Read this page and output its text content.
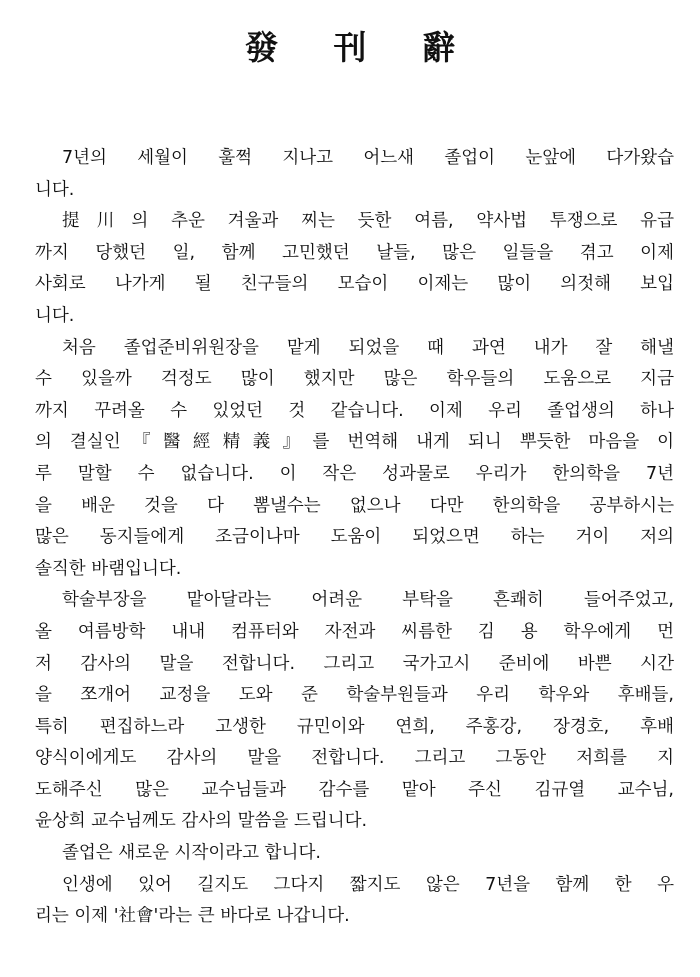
發 刊 辭

7년의 세월이 훌쩍 지나고 어느새 졸업이 눈앞에 다가왔습
니다.

提川의 추운 겨울과 찌는 듯한 여름, 약사법 투쟁으로 유급
까지 당했던 일, 함께 고민했던 날들, 많은 일들을 겪고 이제
사회로 나가게 될 친구들의 모습이 이제는 많이 의젓해 보입
니다.

처음 졸업준비위원장을 맡게 되었을 때 과연 내가 잘 해낼
수 있을까 걱정도 많이 했지만 많은 학우들의 도움으로 지금
까지 꾸려올 수 있었던 것 같습니다. 이제 우리 졸업생의 하나
의 결실인『醫經精義』를 번역해 내게 되니 뿌듯한 마음을 이
루 말할 수 없습니다. 이 작은 성과물로 우리가 한의학을 7년
을 배운 것을 다 뽐낼수는 없으나 다만 한의학을 공부하시는
많은 동지들에게 조금이나마 도움이 되었으면 하는 거이 저의
솔직한 바램입니다.

학술부장을 맡아달라는 어려운 부탁을 흔쾌히 들어주었고,
올 여름방학 내내 컴퓨터와 자전과 씨름한 김 용 학우에게 먼
저 감사의 말을 전합니다. 그리고 국가고시 준비에 바쁜 시간
을 쪼개어 교정을 도와 준 학술부원들과 우리 학우와 후배들,
특히 편집하느라 고생한 규민이와 연희, 주홍강, 장경호, 후배
양식이에게도 감사의 말을 전합니다. 그리고 그동안 저희를 지
도해주신 많은 교수님들과 감수를 맡아 주신 김규열 교수님,
윤상희 교수님께도 감사의 말씀을 드립니다.

졸업은 새로운 시작이라고 합니다.

인생에 있어 길지도 그다지 짧지도 않은 7년을 함께 한 우
리는 이제 '社會'라는 큰 바다로 나갑니다.
